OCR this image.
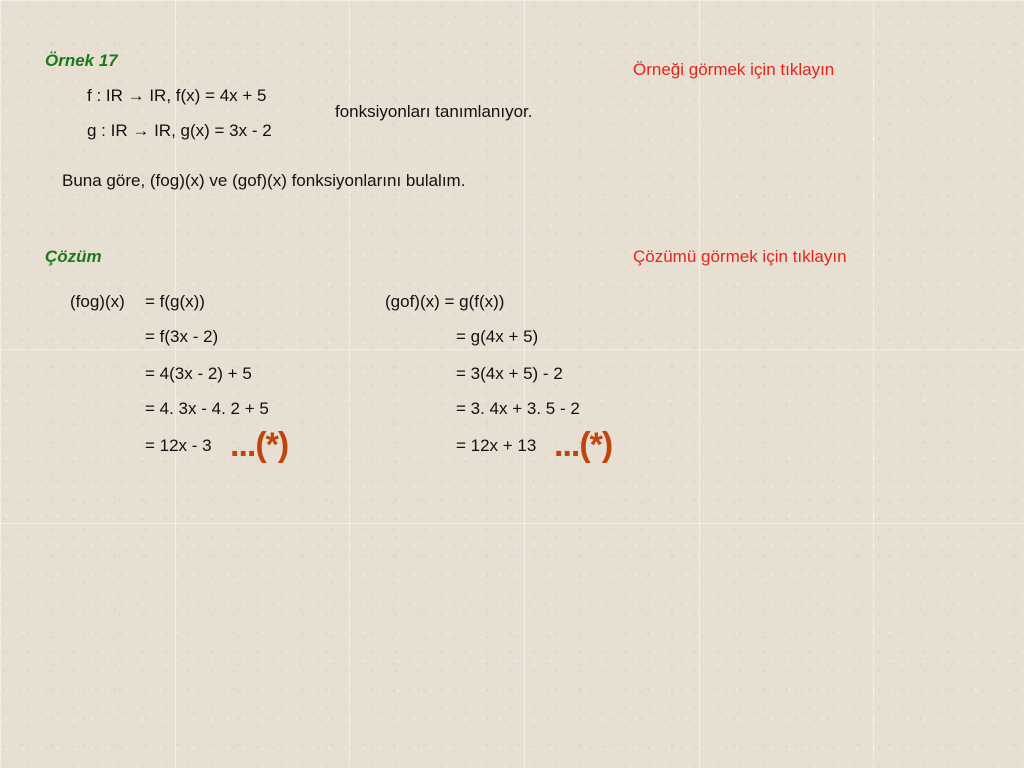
Örnek 17	Örneği görmek için tıklayın
f : IR → IR, f(x) = 4x + 5
g : IR → IR, g(x) = 3x - 2
fonksiyonları tanımlanıyor.
Buna göre, (fog)(x) ve (gof)(x) fonksiyonlarını bulalım.
Çözüm	Çözümü görmek için tıklayın
(fog)(x) = f(g(x))
= f(3x - 2)
= 4(3x - 2) + 5
= 4. 3x - 4. 2 + 5
= 12x - 3 ...(*)
(gof)(x) = g(f(x))
= g(4x + 5)
= 3(4x + 5) - 2
= 3. 4x + 3. 5 - 2
= 12x + 13 ...(*)
